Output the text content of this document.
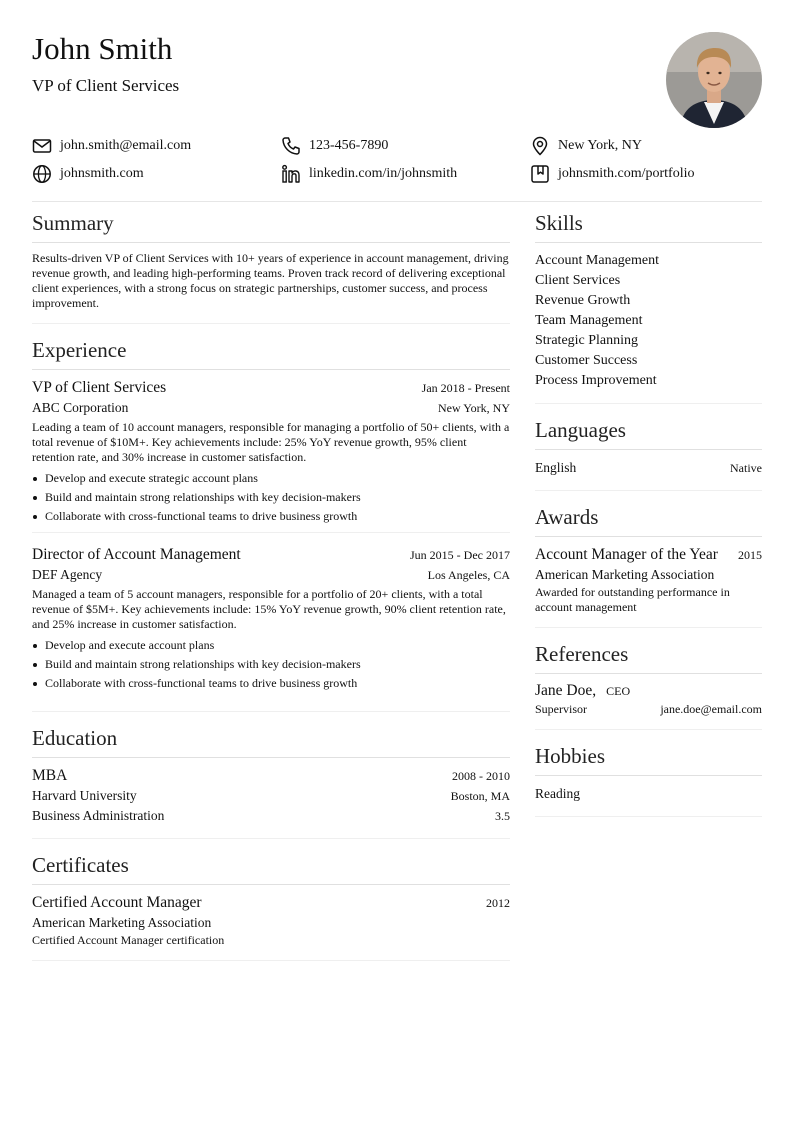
John Smith
VP of Client Services
john.smith@email.com	123-456-7890	New York, NY
johnsmith.com	linkedin.com/in/johnsmith	johnsmith.com/portfolio
Summary

Results-driven VP of Client Services with 10+ years of experience in account management, driving revenue growth, and leading high-performing teams. Proven track record of delivering exceptional client experiences, with a strong focus on strategic partnerships, customer success, and process improvement.

Experience
VP of Client Services	Jan 2018 - Present
ABC Corporation	New York, NY
Leading a team of 10 account managers, responsible for managing a portfolio of 50+ clients, with a total revenue of $10M+. Key achievements include: 25% YoY revenue growth, 95% client retention rate, and 30% increase in customer satisfaction.
Develop and execute strategic account plans
Build and maintain strong relationships with key decision-makers
Collaborate with cross-functional teams to drive business growth
Director of Account Management	Jun 2015 - Dec 2017
DEF Agency	Los Angeles, CA
Managed a team of 5 account managers, responsible for a portfolio of 20+ clients, with a total revenue of $5M+. Key achievements include: 15% YoY revenue growth, 90% client retention rate, and 25% increase in customer satisfaction.
Develop and execute account plans
Build and maintain strong relationships with key decision-makers
Collaborate with cross-functional teams to drive business growth
Education
MBA	2008 - 2010
Harvard University	Boston, MA
Business Administration	3.5
Certificates
Certified Account Manager	2012
American Marketing Association
Certified Account Manager certification
Skills
Account Management
Client Services
Revenue Growth
Team Management
Strategic Planning
Customer Success
Process Improvement
Languages
English	Native
Awards
Account Manager of the Year 2015
American Marketing Association
Awarded for outstanding performance in account management
References
Jane Doe, CEO
Supervisor	jane.doe@email.com
Hobbies
Reading
